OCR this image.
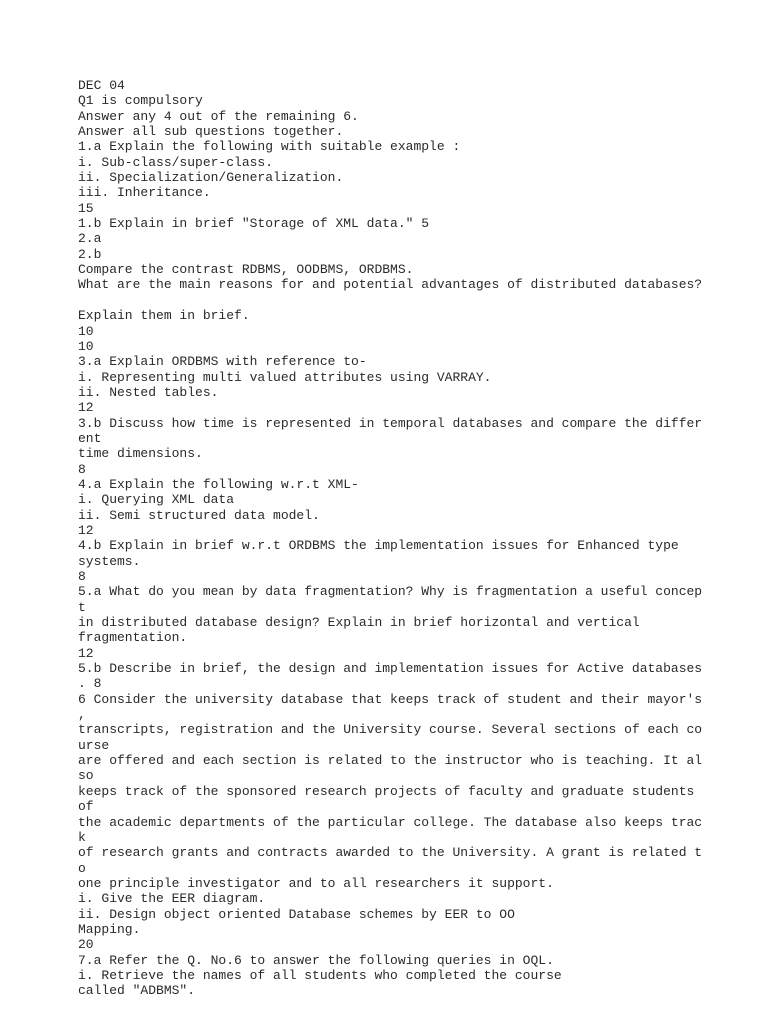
DEC 04
Q1 is compulsory
Answer any 4 out of the remaining 6.
Answer all sub questions together.
1.a Explain the following with suitable example :
i. Sub-class/super-class.
ii. Specialization/Generalization.
iii. Inheritance.
15
1.b Explain in brief "Storage of XML data." 5
2.a
2.b
Compare the contrast RDBMS, OODBMS, ORDBMS.
What are the main reasons for and potential advantages of distributed databases?
Explain them in brief.
10
10
3.a Explain ORDBMS with reference to-
i. Representing multi valued attributes using VARRAY.
ii. Nested tables.
12
3.b Discuss how time is represented in temporal databases and compare the differ
ent
time dimensions.
8
4.a Explain the following w.r.t XML-
i. Querying XML data
ii. Semi structured data model.
12
4.b Explain in brief w.r.t ORDBMS the implementation issues for Enhanced type
systems.
8
5.a What do you mean by data fragmentation? Why is fragmentation a useful concep
t
in distributed database design? Explain in brief horizontal and vertical
fragmentation.
12
5.b Describe in brief, the design and implementation issues for Active databases
. 8
6 Consider the university database that keeps track of student and their mayor's
,
transcripts, registration and the University course. Several sections of each co
urse
are offered and each section is related to the instructor who is teaching. It al
so
keeps track of the sponsored research projects of faculty and graduate students
of
the academic departments of the particular college. The database also keeps trac
k
of research grants and contracts awarded to the University. A grant is related t
o
one principle investigator and to all researchers it support.
i. Give the EER diagram.
ii. Design object oriented Database schemes by EER to OO
Mapping.
20
7.a Refer the Q. No.6 to answer the following queries in OQL.
i. Retrieve the names of all students who completed the course
called "ADBMS".
